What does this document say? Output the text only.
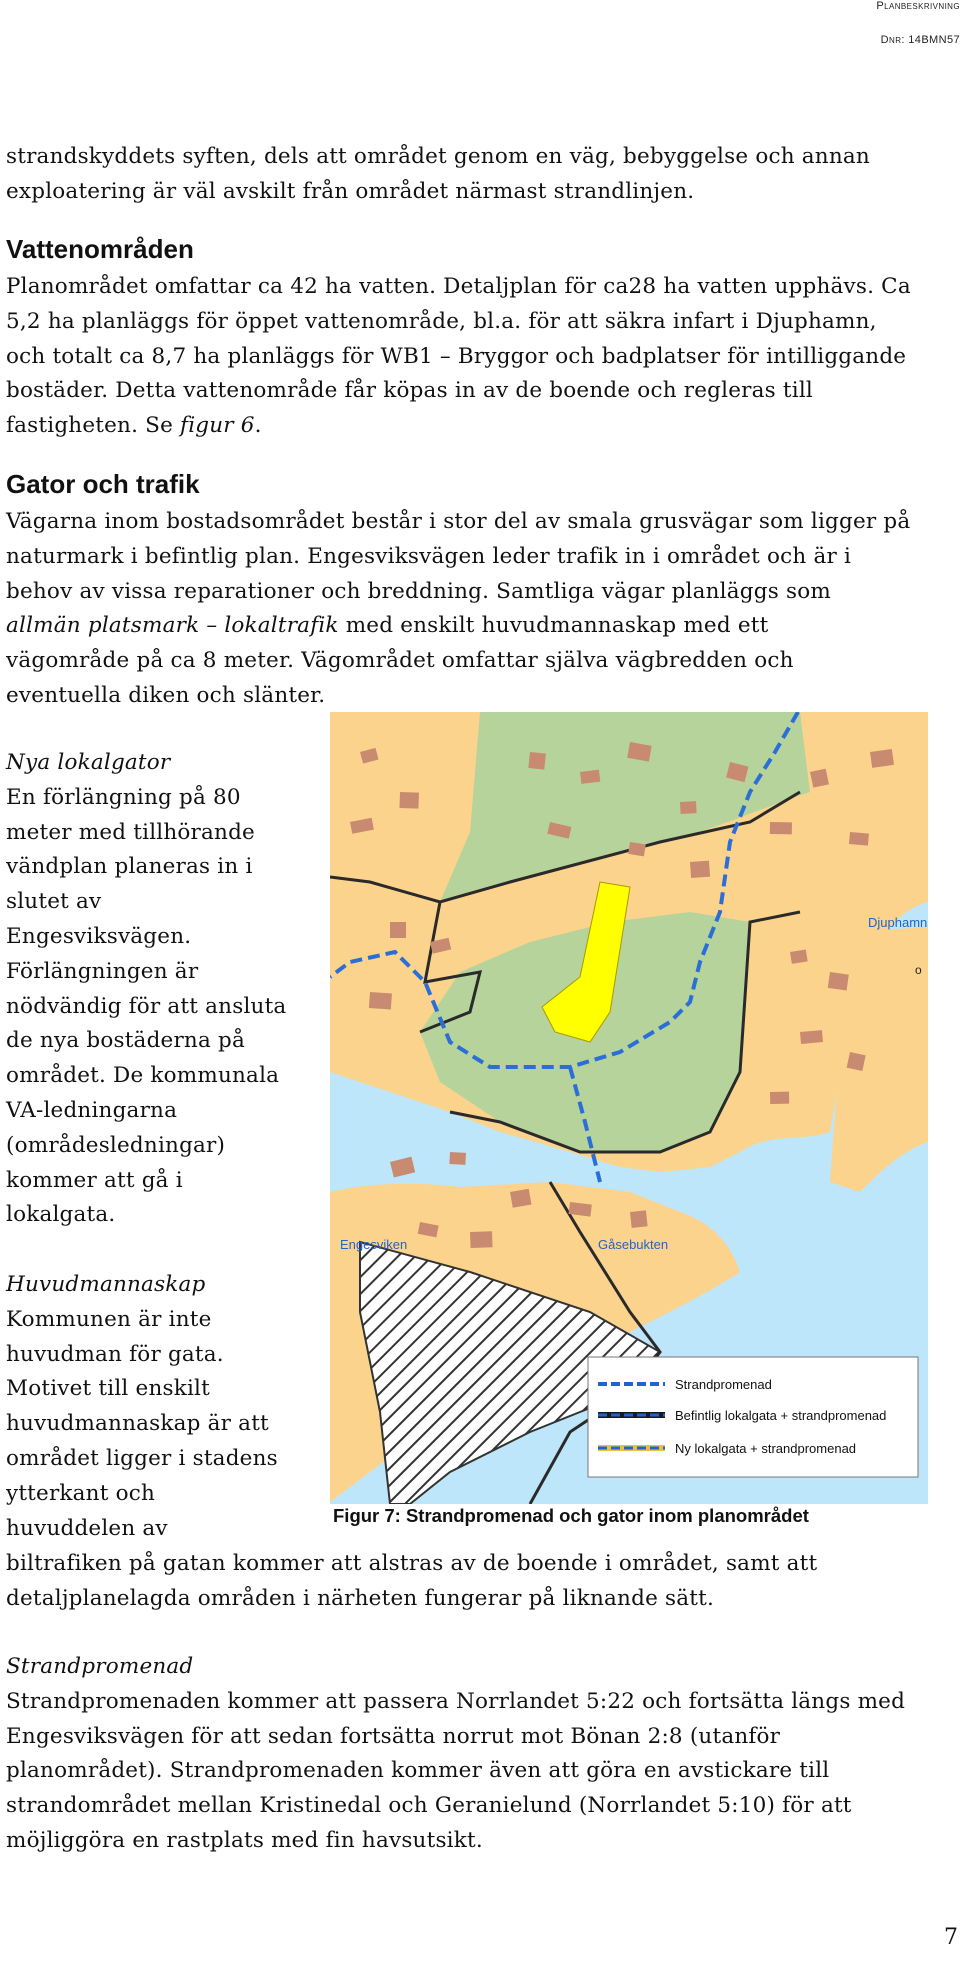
Planbeskrivning
Dnr: 14BMN57

strandskyddets syften, dels att området genom en väg, bebyggelse och annan

exploatering är väl avskilt från området närmast strandlinjen.

Vattenområden

Planområdet omfattar ca 42 ha vatten. Detaljplan för ca28 ha vatten upphävs. Ca

5,2 ha planläggs för öppet vattenområde, bl.a. för att säkra infart i Djuphamn,

och totalt ca 8,7 ha planläggs för WB1 – Bryggor och badplatser för intilliggande

bostäder. Detta vattenområde får köpas in av de boende och regleras till

fastigheten. Se figur 6.

Gator och trafik

Vägarna inom bostadsområdet består i stor del av smala grusvägar som ligger på

naturmark i befintlig plan. Engesviksvägen leder trafik in i området och är i

behov av vissa reparationer och breddning. Samtliga vägar planläggs som

allmän platsmark – lokaltrafik med enskilt huvudmannaskap med ett

vägområde på ca 8 meter. Vägområdet omfattar själva vägbredden och

eventuella diken och slänter.

Nya lokalgator

En förlängning på 80

meter med tillhörande

vändplan planeras in i

slutet av

Engesviksvägen.

Förlängningen är

nödvändig för att ansluta

de nya bostäderna på

området. De kommunala

VA-ledningarna

(områdesledningar)

kommer att gå i

lokalgata.

Huvudmannaskap

Kommunen är inte

huvudman för gata.

Motivet till enskilt

huvudmannaskap är att

området ligger i stadens

ytterkant och

huvuddelen av

biltrafiken på gatan kommer att alstras av de boende i området, samt att

detaljplanelagda områden i närheten fungerar på liknande sätt.

Djuphamns
o
Engesviken	Gåsebukten
Strandpromenad
Befintlig lokalgata + strandpromenad
Ny lokalgata + strandpromenad
Figur 7: Strandpromenad och gator inom planområdet

Strandpromenad

Strandpromenaden kommer att passera Norrlandet 5:22 och fortsätta längs med

Engesviksvägen för att sedan fortsätta norrut mot Bönan 2:8 (utanför

planområdet). Strandpromenaden kommer även att göra en avstickare till

strandområdet mellan Kristinedal och Geranielund (Norrlandet 5:10) för att

möjliggöra en rastplats med fin havsutsikt.

7
